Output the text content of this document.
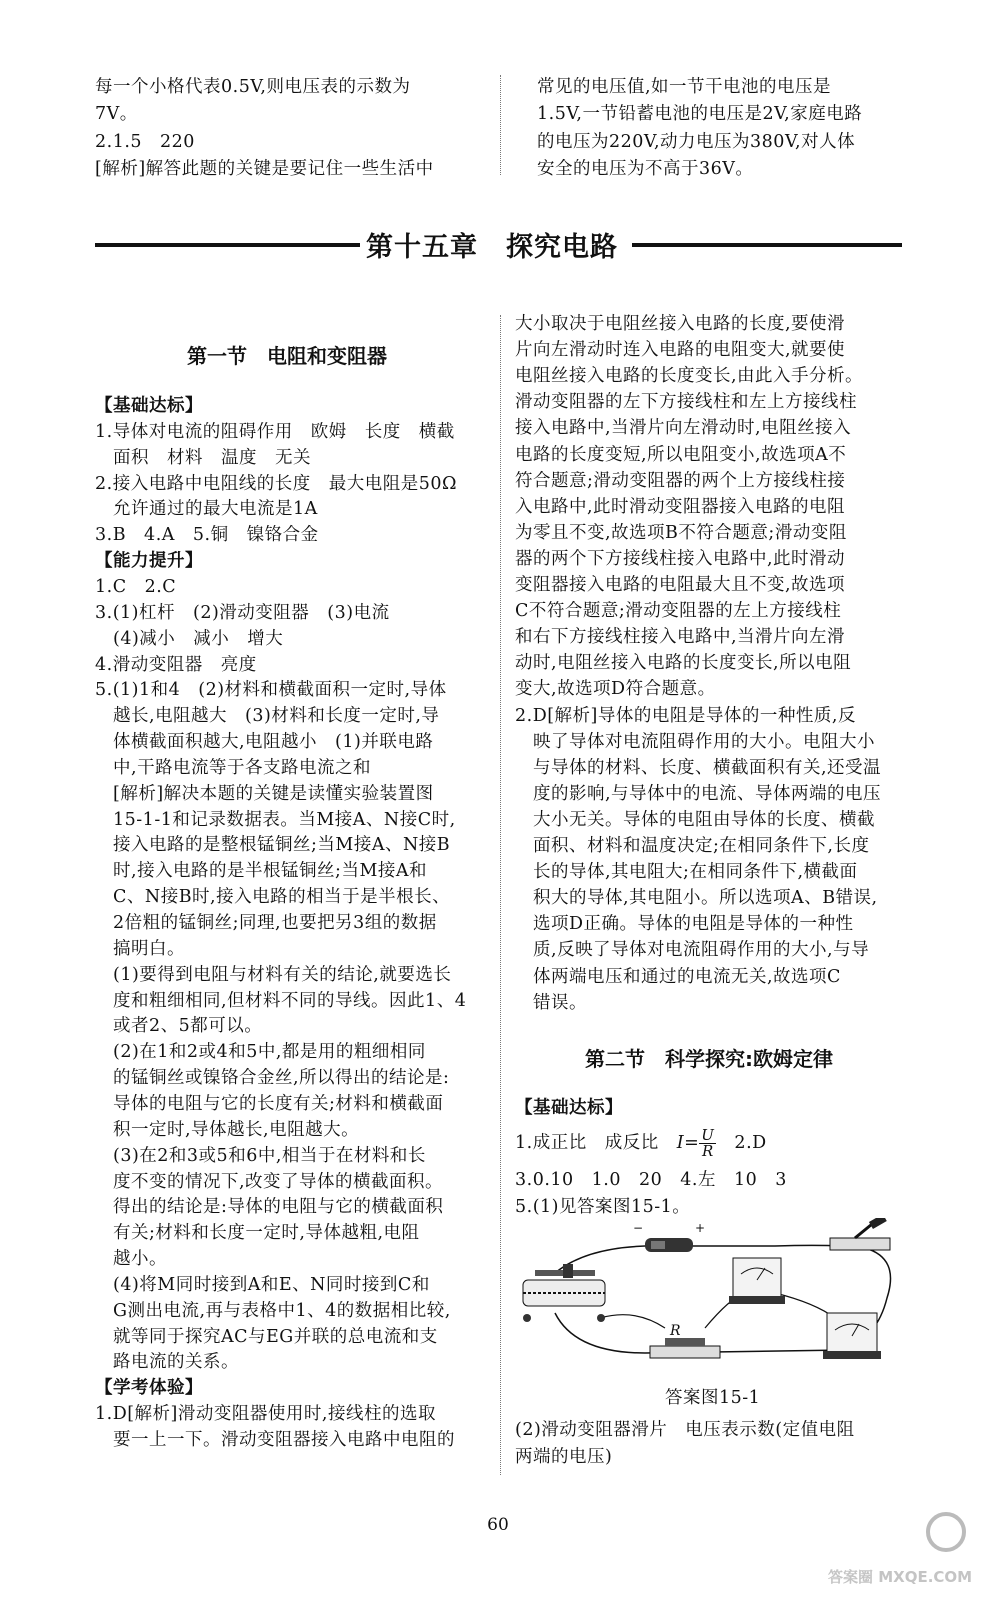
每一个小格代表0.5V,则电压表的示数为
7V。
2.1.5　220
[解析]解答此题的关键是要记住一些生活中
常见的电压值,如一节干电池的电压是
1.5V,一节铅蓄电池的电压是2V,家庭电路
的电压为220V,动力电压为380V,对人体
安全的电压为不高于36V。
第十五章　探究电路
第一节　电阻和变阻器
【基础达标】
1.导体对电流的阻碍作用　欧姆　长度　横截
　面积　材料　温度　无关
2.接入电路中电阻线的长度　最大电阻是50Ω
　允许通过的最大电流是1A
3.B　4.A　5.铜　镍铬合金
【能力提升】
1.C　2.C
3.(1)杠杆　(2)滑动变阻器　(3)电流
　(4)减小　减小　增大
4.滑动变阻器　亮度
5.(1)1和4　(2)材料和横截面积一定时,导体
　越长,电阻越大　(3)材料和长度一定时,导
　体横截面积越大,电阻越小　(1)并联电路
　中,干路电流等于各支路电流之和
　[解析]解决本题的关键是读懂实验装置图
　15-1-1和记录数据表。当M接A、N接C时,
　接入电路的是整根锰铜丝;当M接A、N接B
　时,接入电路的是半根锰铜丝;当M接A和
　C、N接B时,接入电路的相当于是半根长、
　2倍粗的锰铜丝;同理,也要把另3组的数据
　搞明白。
　(1)要得到电阻与材料有关的结论,就要选长
　度和粗细相同,但材料不同的导线。因此1、4
　或者2、5都可以。
　(2)在1和2或4和5中,都是用的粗细相同
　的锰铜丝或镍铬合金丝,所以得出的结论是:
　导体的电阻与它的长度有关;材料和横截面
　积一定时,导体越长,电阻越大。
　(3)在2和3或5和6中,相当于在材料和长
　度不变的情况下,改变了导体的横截面积。
　得出的结论是:导体的电阻与它的横截面积
　有关;材料和长度一定时,导体越粗,电阻
　越小。
　(4)将M同时接到A和E、N同时接到C和
　G测出电流,再与表格中1、4的数据相比较,
　就等同于探究AC与EG并联的总电流和支
　路电流的关系。
【学考体验】
1.D[解析]滑动变阻器使用时,接线柱的选取
　要一上一下。滑动变阻器接入电路中电阻的
大小取决于电阻丝接入电路的长度,要使滑
片向左滑动时连入电路的电阻变大,就要使
电阻丝接入电路的长度变长,由此入手分析。
滑动变阻器的左下方接线柱和左上方接线柱
接入电路中,当滑片向左滑动时,电阻丝接入
电路的长度变短,所以电阻变小,故选项A不
符合题意;滑动变阻器的两个上方接线柱接
入电路中,此时滑动变阻器接入电路的电阻
为零且不变,故选项B不符合题意;滑动变阻
器的两个下方接线柱接入电路中,此时滑动
变阻器接入电路的电阻最大且不变,故选项
C不符合题意;滑动变阻器的左上方接线柱
和右下方接线柱接入电路中,当滑片向左滑
动时,电阻丝接入电路的长度变长,所以电阻
变大,故选项D符合题意。
2.D[解析]导体的电阻是导体的一种性质,反
　映了导体对电流阻碍作用的大小。电阻大小
　与导体的材料、长度、横截面积有关,还受温
　度的影响,与导体中的电流、导体两端的电压
　大小无关。导体的电阻由导体的长度、横截
　面积、材料和温度决定;在相同条件下,长度
　长的导体,其电阻大;在相同条件下,横截面
　积大的导体,其电阻小。所以选项A、B错误,
　选项D正确。导体的电阻是导体的一种性
　质,反映了导体对电流阻碍作用的大小,与导
　体两端电压和通过的电流无关,故选项C
　错误。
第二节　科学探究:欧姆定律
【基础达标】
1.成正比　成反比　$I= \frac{U}{R}$ 　2.D
3.0.10　1.0　20　4.左　10　3
5.(1)见答案图15-1。
−	+
R
答案图15-1
(2)滑动变阻器滑片　电压表示数(定值电阻
两端的电压)
60
答案圈 MXQE.COM
